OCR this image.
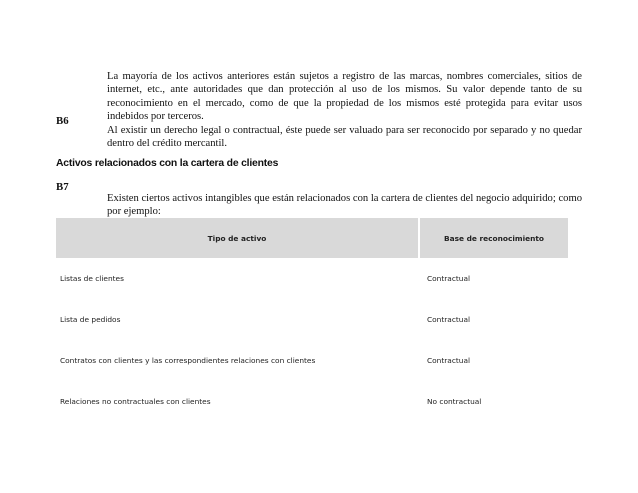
La mayoría de los activos anteriores están sujetos a registro de las marcas, nombres comerciales, sitios de internet, etc., ante autoridades que dan protección al uso de los mismos. Su valor depende tanto de su reconocimiento en el mercado, como de que la propiedad de los mismos esté protegida para evitar usos indebidos por terceros.
B6
Al existir un derecho legal o contractual, éste puede ser valuado para ser reconocido por separado y no quedar dentro del crédito mercantil.
Activos relacionados con la cartera de clientes
B7
Existen ciertos activos intangibles que están relacionados con la cartera de clientes del negocio adquirido; como por ejemplo:
Tipo de activo	Base de reconocimiento
Listas de clientes	Contractual
Lista de pedidos	Contractual
Contratos con clientes y las correspondientes relaciones con clientes	Contractual
Relaciones no contractuales con clientes	No contractual
